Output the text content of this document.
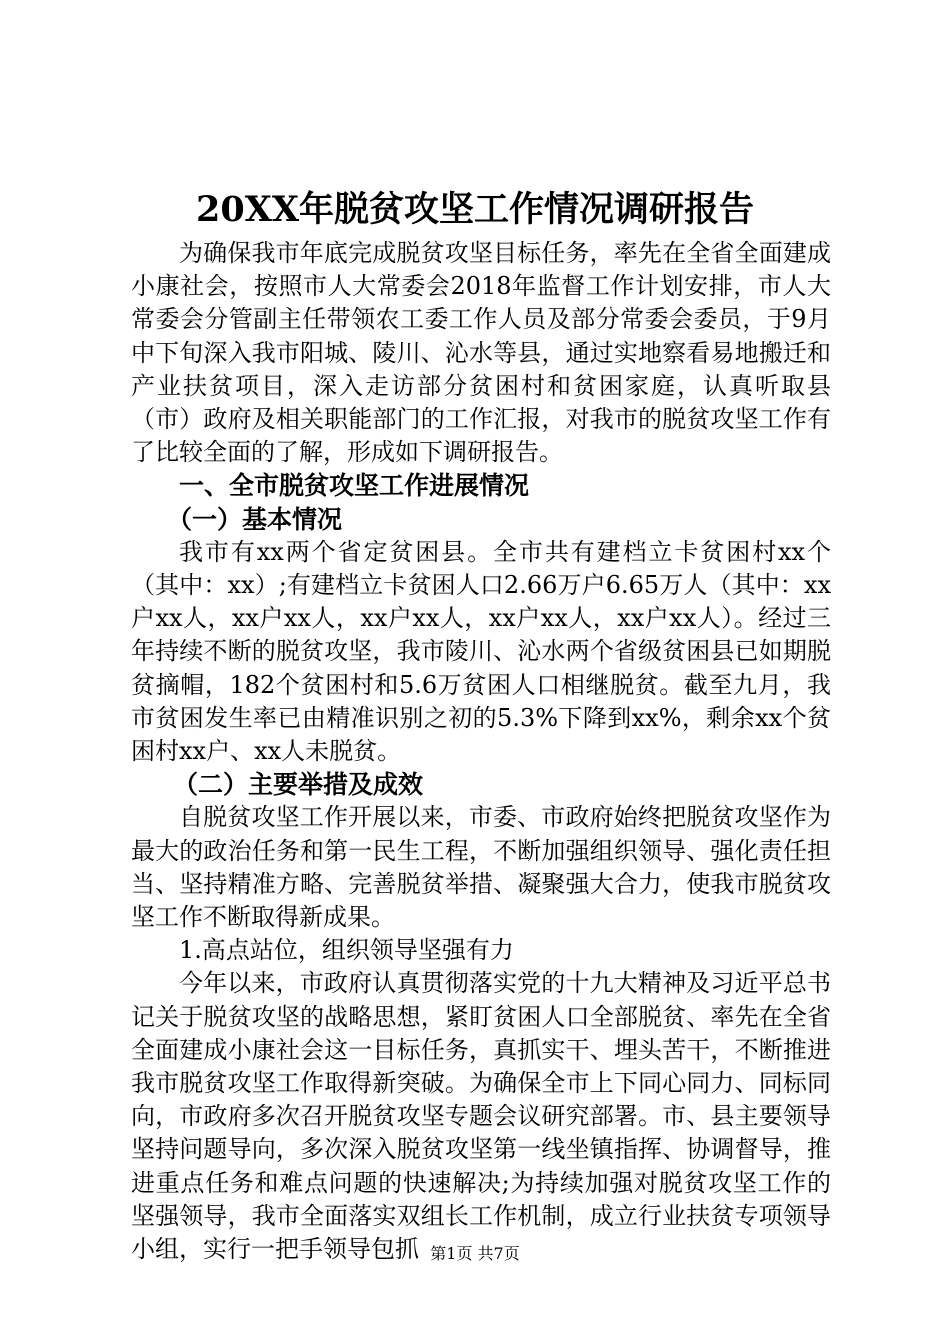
20XX年脱贫攻坚工作情况调研报告

为确保我市年底完成脱贫攻坚目标任务，率先在全省全面建成小康社会，按照市人大常委会2018年监督工作计划安排，市人大常委会分管副主任带领农工委工作人员及部分常委会委员，于9月中下旬深入我市阳城、陵川、沁水等县，通过实地察看易地搬迁和产业扶贫项目，深入走访部分贫困村和贫困家庭，认真听取县（市）政府及相关职能部门的工作汇报，对我市的脱贫攻坚工作有了比较全面的了解，形成如下调研报告。

一、全市脱贫攻坚工作进展情况

（一）基本情况

我市有xx两个省定贫困县。全市共有建档立卡贫困村xx个（其中：xx）;有建档立卡贫困人口2.66万户6.65万人（其中：xx户xx人，xx户xx人，xx户xx人，xx户xx人，xx户xx人）。经过三年持续不断的脱贫攻坚，我市陵川、沁水两个省级贫困县已如期脱贫摘帽，182个贫困村和5.6万贫困人口相继脱贫。截至九月，我市贫困发生率已由精准识别之初的5.3%下降到xx%，剩余xx个贫困村xx户、xx人未脱贫。

（二）主要举措及成效

自脱贫攻坚工作开展以来，市委、市政府始终把脱贫攻坚作为最大的政治任务和第一民生工程，不断加强组织领导、强化责任担当、坚持精准方略、完善脱贫举措、凝聚强大合力，使我市脱贫攻坚工作不断取得新成果。

1.高点站位，组织领导坚强有力

今年以来，市政府认真贯彻落实党的十九大精神及习近平总书记关于脱贫攻坚的战略思想，紧盯贫困人口全部脱贫、率先在全省全面建成小康社会这一目标任务，真抓实干、埋头苦干，不断推进我市脱贫攻坚工作取得新突破。为确保全市上下同心同力、同标同向，市政府多次召开脱贫攻坚专题会议研究部署。市、县主要领导坚持问题导向，多次深入脱贫攻坚第一线坐镇指挥、协调督导，推进重点任务和难点问题的快速解决;为持续加强对脱贫攻坚工作的坚强领导，我市全面落实双组长工作机制，成立行业扶贫专项领导小组，实行一把手领导包抓 第1页 共7页
